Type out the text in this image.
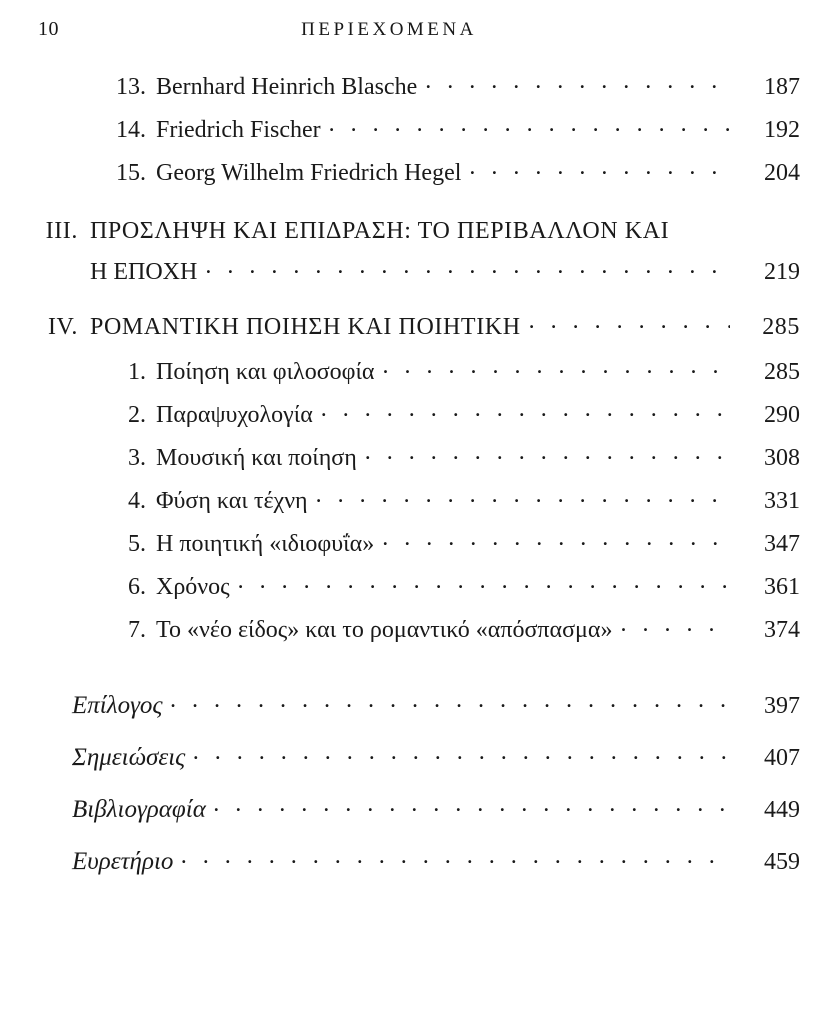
10	ΠΕΡΙΕΧΟΜΕΝΑ
13. Bernhard Heinrich Blasche . . .	187
14. Friedrich Fischer . . .	192
15. Georg Wilhelm Friedrich Hegel . . .	204
III. ΠΡΟΣΛΗΨΗ ΚΑΙ ΕΠΙΔΡΑΣΗ: ΤΟ ΠΕΡΙΒΑΛΛΟΝ ΚΑΙ
Η ΕΠΟΧΗ . . .	219
IV. ΡΟΜΑΝΤΙΚΗ ΠΟΙΗΣΗ ΚΑΙ ΠΟΙΗΤΙΚΗ . . .	285
1. Ποίηση και φιλοσοφία . . .	285
2. Παραψυχολογία . . .	290
3. Μουσική και ποίηση . . .	308
4. Φύση και τέχνη . . .	331
5. Η ποιητική «ιδιοφυΐα» . . .	347
6. Χρόνος . . .	361
7. Το «νέο είδος» και το ρομαντικό «απόσπασμα» . . .	374
Επίλογος . . .	397
Σημειώσεις . . .	407
Βιβλιογραφία . . .	449
Ευρετήριο . . .	459
